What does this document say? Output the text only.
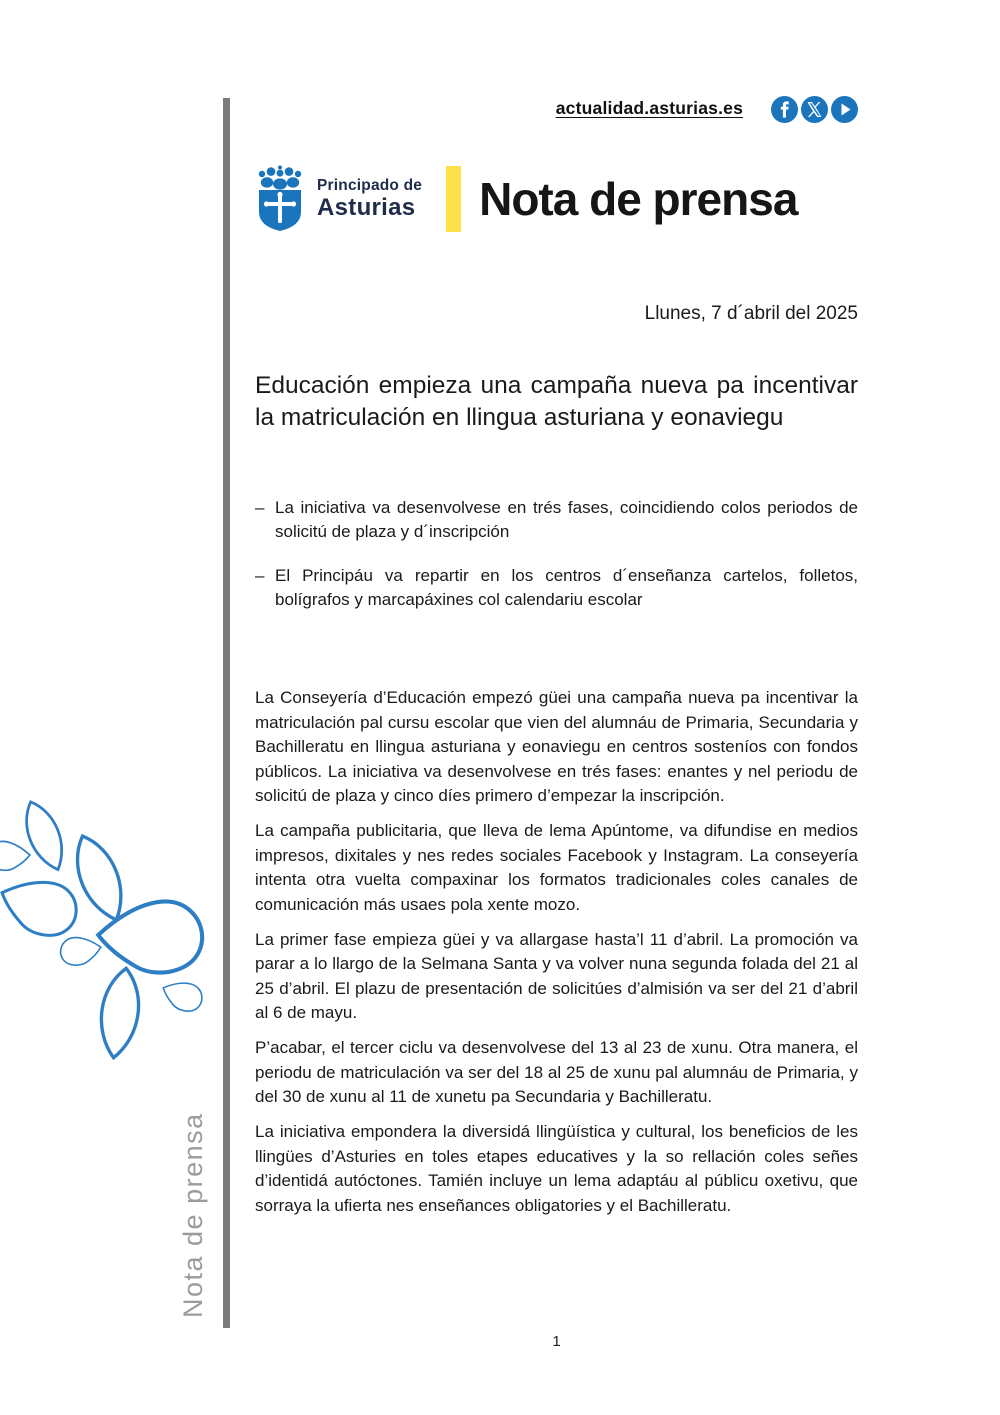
Nota de prensa
actualidad.asturias.es
Principado de
Asturias Nota de prensa
Llunes, 7 d´abril del 2025
Educación empieza una campaña nueva pa incentivar la matriculación en llingua asturiana y eonaviegu
– La iniciativa va desenvolvese en trés fases, coincidiendo colos periodos de solicitú de plaza y d´inscripción
– El Principáu va repartir en los centros d´enseñanza cartelos, folletos, bolígrafos y marcapáxines col calendariu escolar

La Conseyería d’Educación empezó güei una campaña nueva pa incentivar la matriculación pal cursu escolar que vien del alumnáu de Primaria, Secundaria y Bachilleratu en llingua asturiana y eonaviegu en centros sosteníos con fondos públicos. La iniciativa va desenvolvese en trés fases: enantes y nel periodu de solicitú de plaza y cinco díes primero d’empezar la inscripción.

La campaña publicitaria, que lleva de lema Apúntome, va difundise en medios impresos, dixitales y nes redes sociales Facebook y Instagram. La conseyería intenta otra vuelta compaxinar los formatos tradicionales coles canales de comunicación más usaes pola xente mozo.

La primer fase empieza güei y va allargase hasta’l 11 d’abril. La promoción va parar a lo llargo de la Selmana Santa y va volver nuna segunda folada del 21 al 25 d’abril. El plazu de presentación de solicitúes d’almisión va ser del 21 d’abril al 6 de mayu.

P’acabar, el tercer ciclu va desenvolvese del 13 al 23 de xunu. Otra manera, el periodu de matriculación va ser del 18 al 25 de xunu pal alumnáu de Primaria, y del 30 de xunu al 11 de xunetu pa Secundaria y Bachilleratu.

La iniciativa empondera la diversidá llingüística y cultural, los beneficios de les llingües d’Asturies en toles etapes educatives y la so rellación coles señes d’identidá autóctones. Tamién incluye un lema adaptáu al públicu oxetivu, que sorraya la ufierta nes enseñances obligatories y el Bachilleratu.

1
